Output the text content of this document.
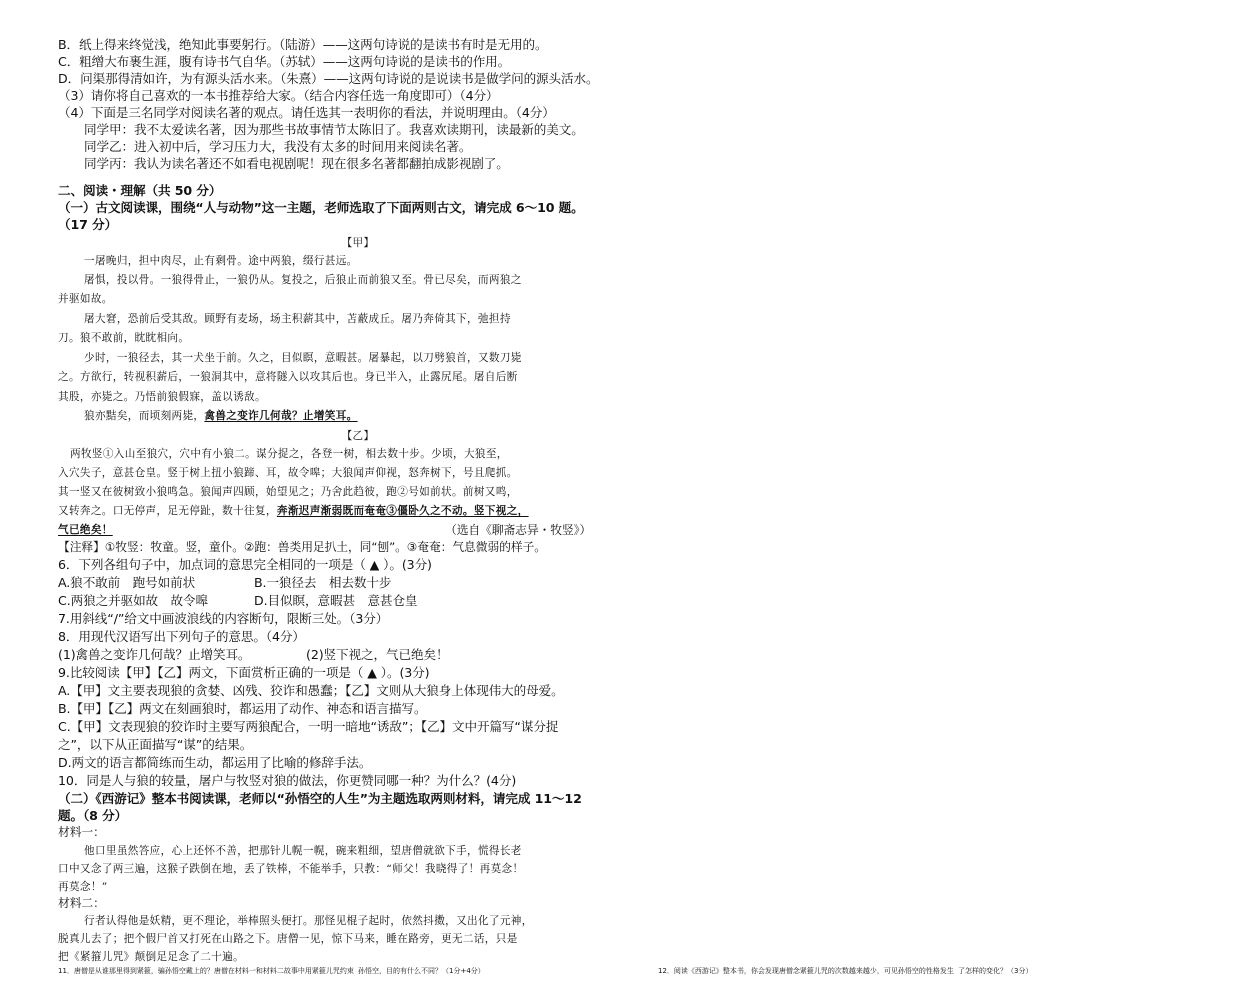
B．纸上得来终觉浅，绝知此事要躬行。（陆游）——这两句诗说的是读书有时是无用的。
C．粗缯大布裹生涯，腹有诗书气自华。（苏轼）——这两句诗说的是读书的作用。
D．问渠那得清如许，为有源头活水来。（朱熹）——这两句诗说的是说读书是做学问的源头活水。
（3）请你将自己喜欢的一本书推荐给大家。（结合内容任选一角度即可）（4分）
（4）下面是三名同学对阅读名著的观点。请任选其一表明你的看法，并说明理由。（4分）
同学甲：我不太爱读名著，因为那些书故事情节太陈旧了。我喜欢读期刊，读最新的美文。
同学乙：进入初中后，学习压力大，我没有太多的时间用来阅读名著。
同学丙：我认为读名著还不如看电视剧呢！现在很多名著都翻拍成影视剧了。
二、阅读・理解（共 50 分）
（一）古文阅读课，围绕“人与动物”这一主题，老师选取了下面两则古文，请完成 6～10 题。
（17 分）
【甲】
一屠晚归，担中肉尽，止有剩骨。途中两狼，缀行甚远。
屠惧，投以骨。一狼得骨止，一狼仍从。复投之，后狼止而前狼又至。骨已尽矣，而两狼之
并驱如故。
屠大窘，恐前后受其敌。顾野有麦场，场主积薪其中，苫蔽成丘。屠乃奔倚其下，弛担持
刀。狼不敢前，眈眈相向。
少时，一狼径去，其一犬坐于前。久之，目似瞑，意暇甚。屠暴起，以刀劈狼首，又数刀毙
之。方欲行，转视积薪后，一狼洞其中，意将隧入以攻其后也。身已半入，止露尻尾。屠自后断
其股，亦毙之。乃悟前狼假寐，盖以诱敌。
狼亦黠矣，而顷刻两毙，禽兽之变诈几何哉？止增笑耳。
【乙】
两牧竖①入山至狼穴，穴中有小狼二。谋分捉之，各登一树，相去数十步。少顷，大狼至，
入穴失子，意甚仓皇。竖于树上扭小狼蹄、耳，故令嗥；大狼闻声仰视，怒奔树下，号且爬抓。
其一竖又在彼树致小狼鸣急。狼闻声四顾，始望见之；乃舍此趋彼，跑②号如前状。前树又鸣，
又转奔之。口无停声，足无停趾，数十往复，奔渐迟声渐弱既而奄奄③僵卧久之不动。竖下视之，
气已绝矣！	（选自《聊斋志异・牧竖》）
【注释】①牧竖：牧童。竖，童仆。②跑：兽类用足扒土，同“刨”。③奄奄：气息微弱的样子。
6．下列各组句子中，加点词的意思完全相同的一项是（ ▲ ）。(3分)
A.狼不敢前　跑号如前状	B.一狼径去　相去数十步
C.两狼之并驱如故　故令嗥	D.目似瞑，意暇甚　意甚仓皇
7.用斜线“/”给文中画波浪线的内容断句，限断三处。（3分）
8．用现代汉语写出下列句子的意思。（4分）
(1)禽兽之变诈几何哉？止增笑耳。	(2)竖下视之，气已绝矣！
9.比较阅读【甲】【乙】两文，下面赏析正确的一项是（ ▲ ）。(3分)
A.【甲】文主要表现狼的贪婪、凶残、狡诈和愚蠢；【乙】文则从大狼身上体现伟大的母爱。
B.【甲】【乙】两文在刻画狼时，都运用了动作、神态和语言描写。
C.【甲】文表现狼的狡诈时主要写两狼配合，一明一暗地“诱敌”；【乙】文中开篇写“谋分捉
之”，以下从正面描写“谋”的结果。
D.两文的语言都简练而生动，都运用了比喻的修辞手法。
10．同是人与狼的较量，屠户与牧竖对狼的做法，你更赞同哪一种？为什么？(4分)
（二）《西游记》整本书阅读课，老师以“孙悟空的人生”为主题选取两则材料，请完成 11～12
题。（8 分）
材料一：
他口里虽然答应，心上还怀不善，把那针儿幌一幌，碗来粗细，望唐僧就欲下手，慌得长老
口中又念了两三遍，这猴子跌倒在地，丢了铁棒，不能举手，只教：“师父！我晓得了！再莫念！
再莫念！”
材料二：
行者认得他是妖精，更不理论，举棒照头便打。那怪见棍子起时，依然抖擞，又出化了元神，
脱真儿去了；把个假尸首又打死在山路之下。唐僧一见，惊下马来，睡在路旁，更无二话，只是
把《紧箍儿咒》颠倒足足念了二十遍。
11．唐僧是从谁那里得到紧箍，骗孙悟空戴上的？唐僧在材料一和材料二故事中用紧箍儿咒约束 孙悟空，目的有什么不同？（1分+4分）	12．阅读《西游记》整本书，你会发现唐僧念紧箍儿咒的次数越来越少，可见孙悟空的性格发生 了怎样的变化？（3分）
